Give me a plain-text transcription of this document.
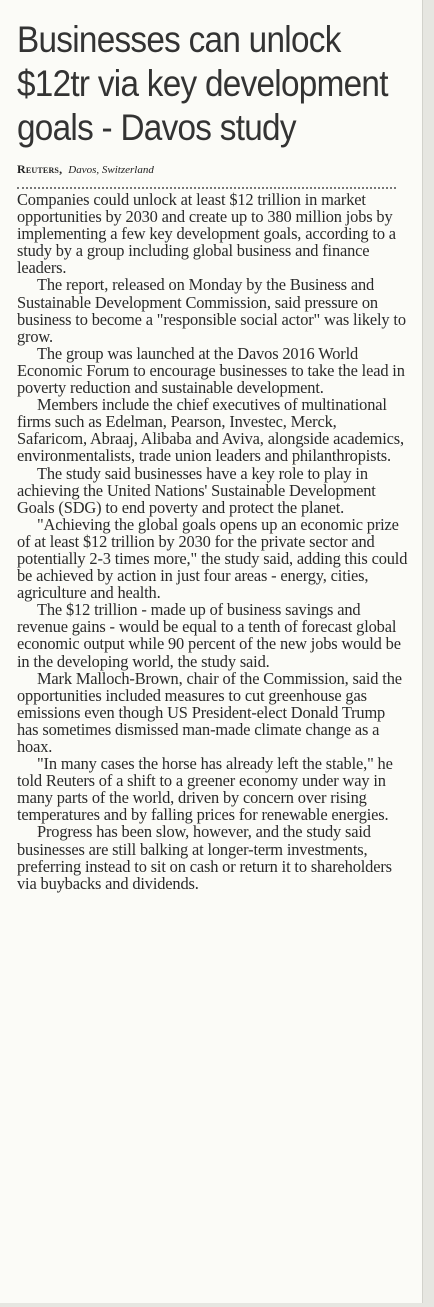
Businesses can unlock $12tr via key development goals - Davos study
Reuters, Davos, Switzerland

Companies could unlock at least $12 trillion in market opportunities by 2030 and create up to 380 million jobs by implementing a few key development goals, according to a study by a group including global business and finance leaders.

The report, released on Monday by the Business and Sustainable Development Commission, said pressure on business to become a "responsible social actor" was likely to grow.

The group was launched at the Davos 2016 World Economic Forum to encourage businesses to take the lead in poverty reduction and sustainable development.

Members include the chief executives of multinational firms such as Edelman, Pearson, Investec, Merck, Safaricom, Abraaj, Alibaba and Aviva, alongside academics, environmentalists, trade union leaders and philanthropists.

The study said businesses have a key role to play in achieving the United Nations' Sustainable Development Goals (SDG) to end poverty and protect the planet.

"Achieving the global goals opens up an economic prize of at least $12 trillion by 2030 for the private sector and potentially 2-3 times more," the study said, adding this could be achieved by action in just four areas - energy, cities, agriculture and health.

The $12 trillion - made up of business savings and revenue gains - would be equal to a tenth of forecast global economic output while 90 percent of the new jobs would be in the developing world, the study said.

Mark Malloch-Brown, chair of the Commission, said the opportunities included measures to cut greenhouse gas emissions even though US President-elect Donald Trump has sometimes dismissed man-made climate change as a hoax.

"In many cases the horse has already left the stable," he told Reuters of a shift to a greener economy under way in many parts of the world, driven by concern over rising temperatures and by falling prices for renewable energies.

Progress has been slow, however, and the study said businesses are still balking at longer-term investments, preferring instead to sit on cash or return it to shareholders via buybacks and dividends.
